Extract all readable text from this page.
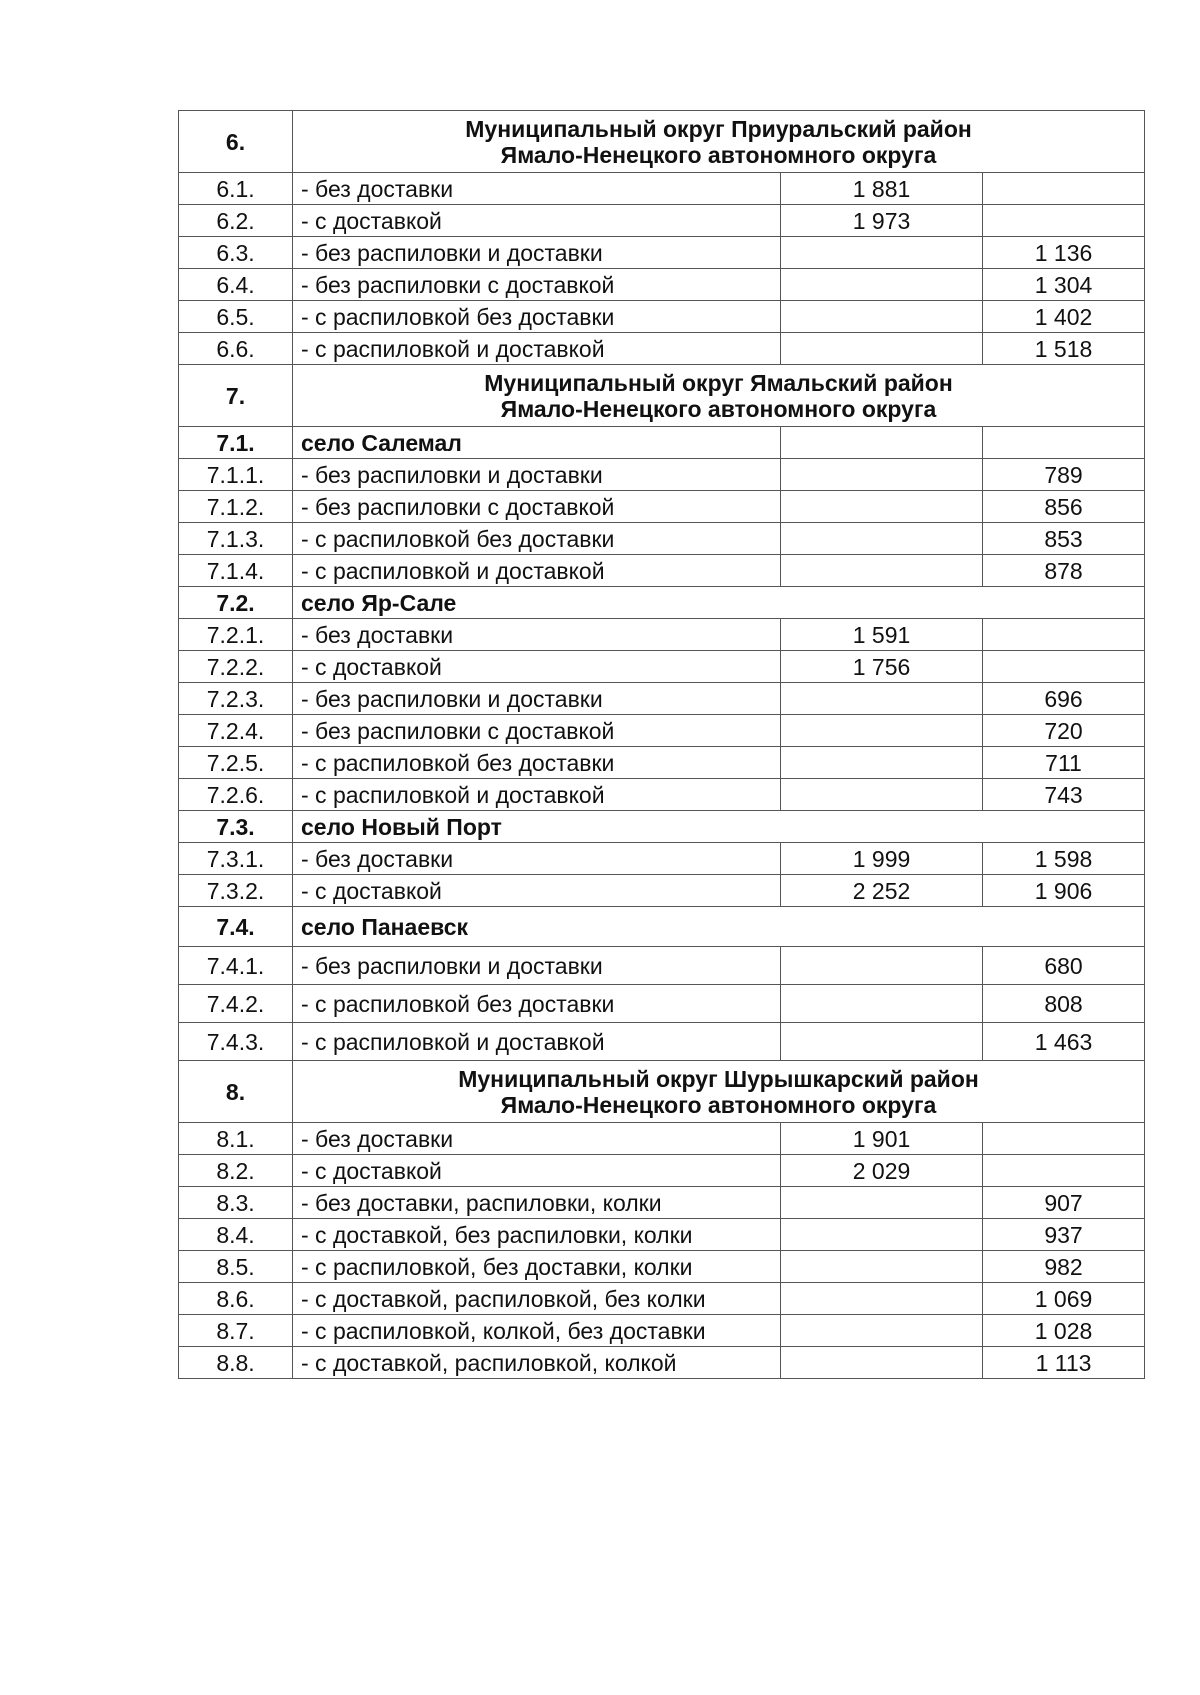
6.	Муниципальный округ Приуральский район
Ямало-Ненецкого автономного округа		

6.1.	- без доставки	1 881	
6.2.	- с доставкой	1 973	
6.3.	- без распиловки и доставки		1 136
6.4.	- без распиловки с доставкой		1 304
6.5.	- с распиловкой без доставки		1 402
6.6.	- с распиловкой и доставкой		1 518
7.	Муниципальный округ Ямальский район
Ямало-Ненецкого автономного округа		

7.1.	село Салемал		
7.1.1.	- без распиловки и доставки		789
7.1.2.	- без распиловки с доставкой		856
7.1.3.	- с распиловкой без доставки		853
7.1.4.	- с распиловкой и доставкой		878
7.2.	село Яр-Сале		
7.2.1.	- без доставки	1 591	
7.2.2.	- с доставкой	1 756	
7.2.3.	- без распиловки и доставки		696
7.2.4.	- без распиловки с доставкой		720
7.2.5.	- с распиловкой без доставки		711
7.2.6.	- с распиловкой и доставкой		743
7.3.	село Новый Порт		
7.3.1.	- без доставки	1 999	1 598
7.3.2.	- с доставкой	2 252	1 906
7.4.	село Панаевск		
7.4.1.	- без распиловки и доставки		680
7.4.2.	- с распиловкой без доставки		808
7.4.3.	- с распиловкой и доставкой		1 463
8.	Муниципальный округ Шурышкарский район
Ямало-Ненецкого автономного округа		

8.1.	- без доставки	1 901	
8.2.	- с доставкой	2 029	
8.3.	- без доставки, распиловки, колки		907
8.4.	- с доставкой, без распиловки, колки		937
8.5.	- с распиловкой, без доставки, колки		982
8.6.	- с доставкой, распиловкой, без колки		1 069
8.7.	- с распиловкой, колкой, без доставки		1 028
8.8.	- с доставкой, распиловкой, колкой		1 113
